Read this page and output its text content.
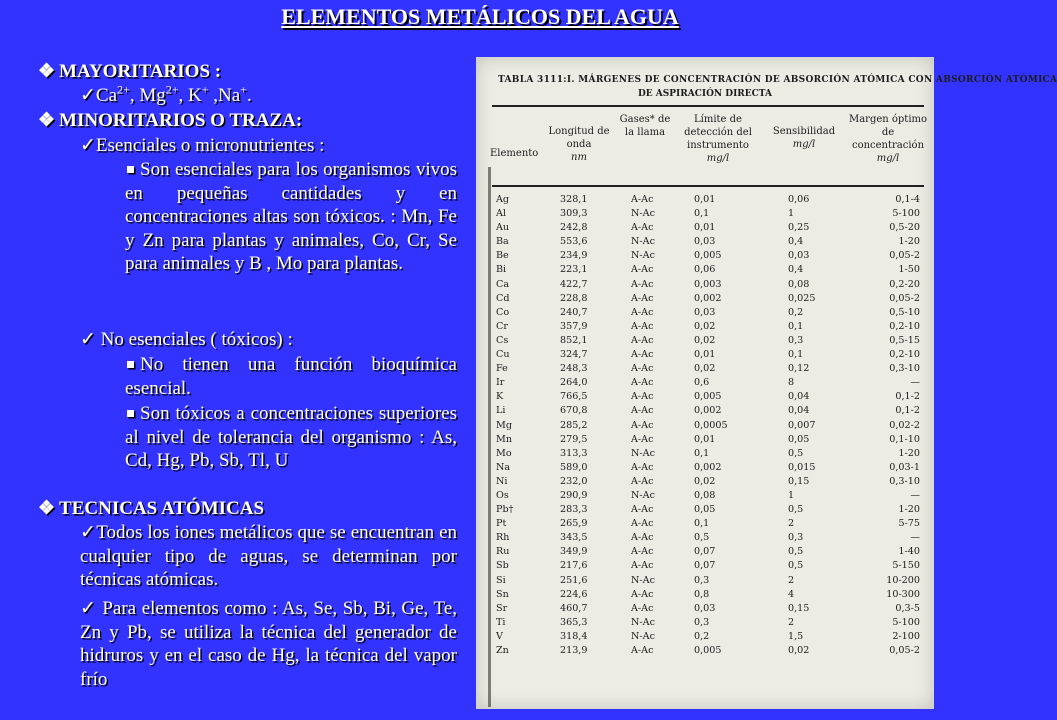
ELEMENTOS METÁLICOS DEL AGUA
❖ MAYORITARIOS :
$✓Ca^{2+}$, $Mg^{2+}$, K+ ,Na+.
❖ MINORITARIOS O TRAZA:
✓Esenciales o micronutrientes :
Son esenciales para los organismos vivos en pequeñas cantidades y en concentraciones altas son tóxicos. : Mn, Fe y Zn para plantas y animales, Co, Cr, Se para animales y B , Mo para plantas.
✓ No esenciales ( tóxicos) :
No tienen una función bioquímica esencial.
Son tóxicos a concentraciones superiores al nivel de tolerancia del organismo : As, Cd, Hg, Pb, Sb, Tl, U
❖ TECNICAS ATÓMICAS
✓Todos los iones metálicos que se encuentran en cualquier tipo de aguas, se determinan por técnicas atómicas.
✓ Para elementos como : As, Se, Sb, Bi, Ge, Te, Zn y Pb, se utiliza la técnica del generador de hidruros y en el caso de Hg, la técnica del vapor frío
TABLA 3111:I. MÁRGENES DE CONCENTRACIÓN DE ABSORCIÓN ATÓMICA CON ABSORCIÓN ATÓMICA
DE ASPIRACIÓN DIRECTA
Elemento
Longitud de onda
nm
Gases* de la llama
Límite de detección del instrumento
mg/l
Sensibilidad
mg/l
Margen óptimo de concentración
mg/l
Ag
Al
Au
Ba
Be
Bi
Ca
Cd
Co
Cr
Cs
Cu
Fe
Ir
K
Li
Mg
Mn
Mo
Na
Ni
Os
Pb†
Pt
Rh
Ru
Sb
Si
Sn
Sr
Ti
V
Zn
328,1
309,3
242,8
553,6
234,9
223,1
422,7
228,8
240,7
357,9
852,1
324,7
248,3
264,0
766,5
670,8
285,2
279,5
313,3
589,0
232,0
290,9
283,3
265,9
343,5
349,9
217,6
251,6
224,6
460,7
365,3
318,4
213,9
A-Ac
N-Ac
A-Ac
N-Ac
N-Ac
A-Ac
A-Ac
A-Ac
A-Ac
A-Ac
A-Ac
A-Ac
A-Ac
A-Ac
A-Ac
A-Ac
A-Ac
A-Ac
N-Ac
A-Ac
A-Ac
N-Ac
A-Ac
A-Ac
A-Ac
A-Ac
A-Ac
N-Ac
A-Ac
A-Ac
N-Ac
N-Ac
A-Ac
0,01
0,1
0,01
0,03
0,005
0,06
0,003
0,002
0,03
0,02
0,02
0,01
0,02
0,6
0,005
0,002
0,0005
0,01
0,1
0,002
0,02
0,08
0,05
0,1
0,5
0,07
0,07
0,3
0,8
0,03
0,3
0,2
0,005
0,06
1
0,25
0,4
0,03
0,4
0,08
0,025
0,2
0,1
0,3
0,1
0,12
8
0,04
0,04
0,007
0,05
0,5
0,015
0,15
1
0,5
2
0,3
0,5
0,5
2
4
0,15
2
1,5
0,02
0,1-4
5-100
0,5-20
1-20
0,05-2
1-50
0,2-20
0,05-2
0,5-10
0,2-10
0,5-15
0,2-10
0,3-10
—
0,1-2
0,1-2
0,02-2
0,1-10
1-20
0,03-1
0,3-10
—
1-20
5-75
—
1-40
5-150
10-200
10-300
0,3-5
5-100
2-100
0,05-2
